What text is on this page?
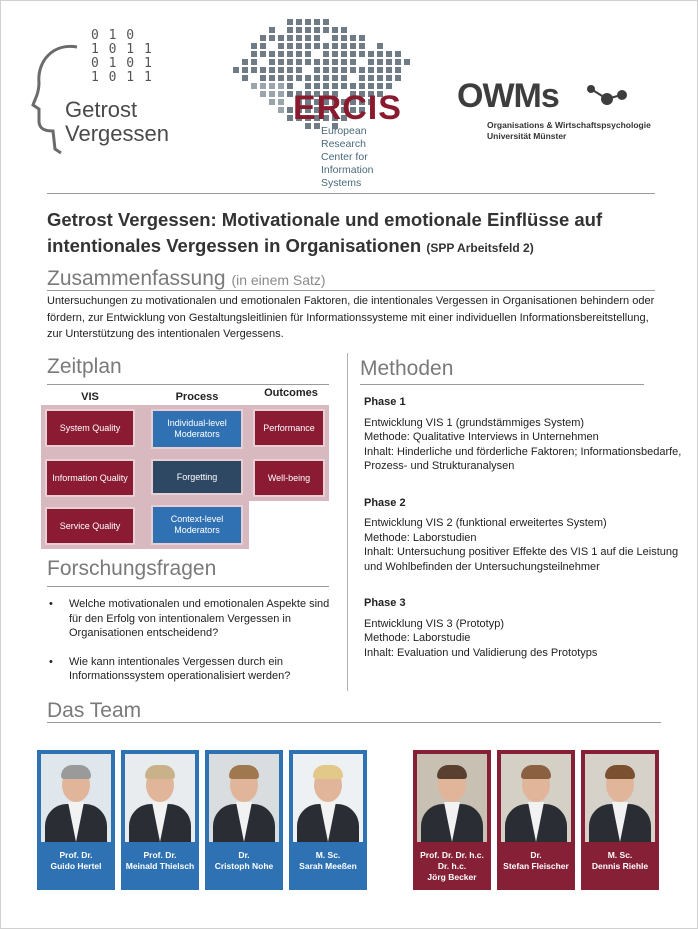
0 1 0
1 0 1 1
0 1 0 1
1 0 1 1
Getrost
Vergessen
ERCIS
European
Research
Center for
Information
Systems
OWMs
Organisations & Wirtschaftspsychologie
Universität Münster
Getrost Vergessen: Motivationale und emotionale Einflüsse auf intentionales Vergessen in Organisationen (SPP Arbeitsfeld 2)
Zusammenfassung (in einem Satz)
Untersuchungen zu motivationalen und emotionalen Faktoren, die intentionales Vergessen in Organisationen behindern oder fördern, zur Entwicklung von Gestaltungsleitlinien für Informationssysteme mit einer individuellen Informationsbereitstellung, zur Unterstützung des intentionalen Vergessens.
Zeitplan
VIS	Process	Outcomes
System Quality
Information Quality
Service Quality
Individual-level Moderators
Forgetting
Context-level Moderators
Performance
Well-being
Forschungsfragen
• Welche motivationalen und emotionalen Aspekte sind für den Erfolg von intentionalem Vergessen in Organisationen entscheidend?
• Wie kann intentionales Vergessen durch ein Informationssystem operationalisiert werden?
Methoden
Phase 1
Entwicklung VIS 1 (grundstämmiges System)
Methode: Qualitative Interviews in Unternehmen
Inhalt: Hinderliche und förderliche Faktoren; Informationsbedarfe, Prozess- und Strukturanalysen
Phase 2
Entwicklung VIS 2 (funktional erweitertes System)
Methode: Laborstudien
Inhalt: Untersuchung positiver Effekte des VIS 1 auf die Leistung und Wohlbefinden der Untersuchungsteilnehmer
Phase 3
Entwicklung VIS 3 (Prototyp)
Methode: Laborstudie
Inhalt: Evaluation und Validierung des Prototyps
Das Team
Prof. Dr.
Guido Hertel
Prof. Dr.
Meinald Thielsch
Dr.
Cristoph Nohe
M. Sc.
Sarah Meeßen
Prof. Dr. Dr. h.c.
Dr. h.c.
Jörg Becker
Dr.
Stefan Fleischer
M. Sc.
Dennis Riehle
